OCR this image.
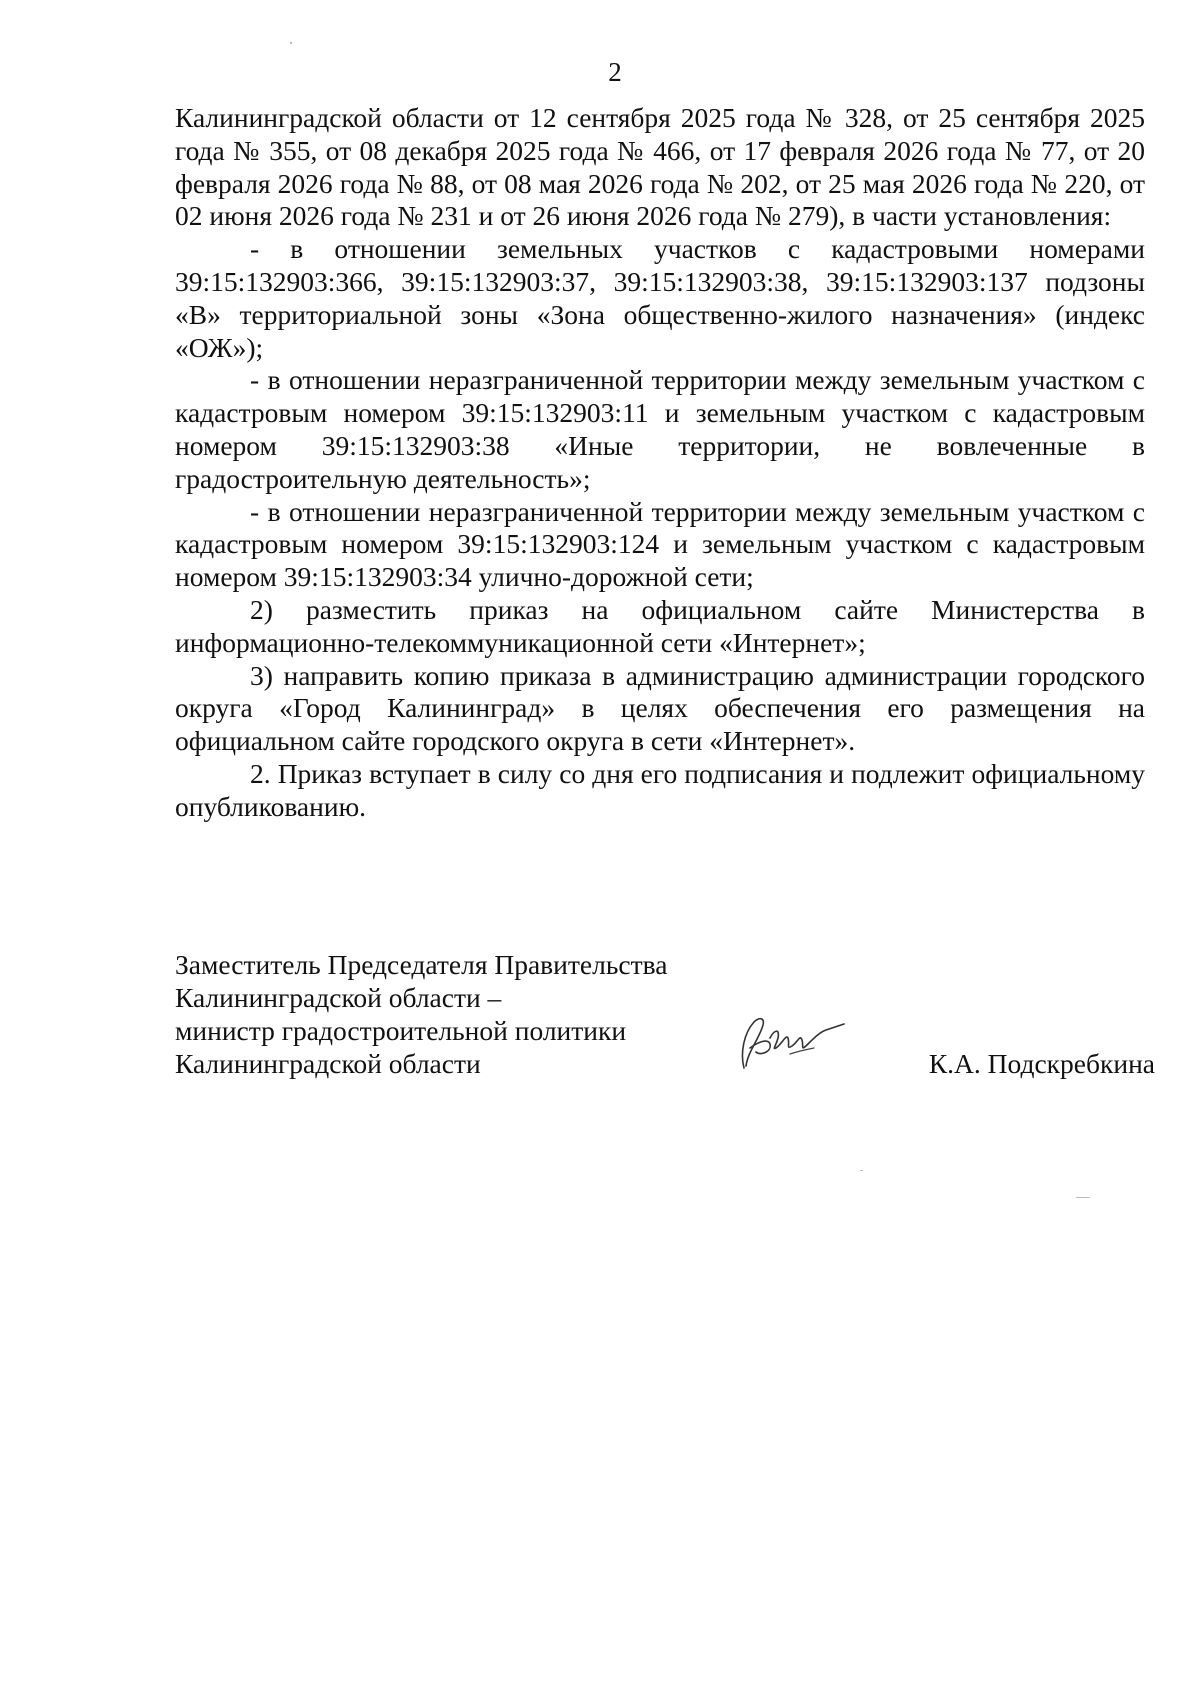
2

Калининградской области от 12 сентября 2025 года № 328, от 25 сентября 2025 года № 355, от 08 декабря 2025 года № 466, от 17 февраля 2026 года № 77, от 20 февраля 2026 года № 88, от 08 мая 2026 года № 202, от 25 мая 2026 года № 220, от 02 июня 2026 года № 231 и от 26 июня 2026 года № 279), в части установления:

- в отношении земельных участков с кадастровыми номерами 39:15:132903:366, 39:15:132903:37, 39:15:132903:38, 39:15:132903:137 подзоны «В» территориальной зоны «Зона общественно-жилого назначения» (индекс «ОЖ»);

- в отношении неразграниченной территории между земельным участком с кадастровым номером 39:15:132903:11 и земельным участком с кадастровым номером 39:15:132903:38 «Иные территории, не вовлеченные в градостроительную деятельность»;

- в отношении неразграниченной территории между земельным участком с кадастровым номером 39:15:132903:124 и земельным участком с кадастровым номером 39:15:132903:34 улично-дорожной сети;

2) разместить приказ на официальном сайте Министерства в информационно-телекоммуникационной сети «Интернет»;

3) направить копию приказа в администрацию администрации городского округа «Город Калининград» в целях обеспечения его размещения на официальном сайте городского округа в сети «Интернет».

2. Приказ вступает в силу со дня его подписания и подлежит официальному опубликованию.

Заместитель Председателя Правительства
Калининградской области –
министр градостроительной политики
Калининградской области	К.А. Подскребкина
